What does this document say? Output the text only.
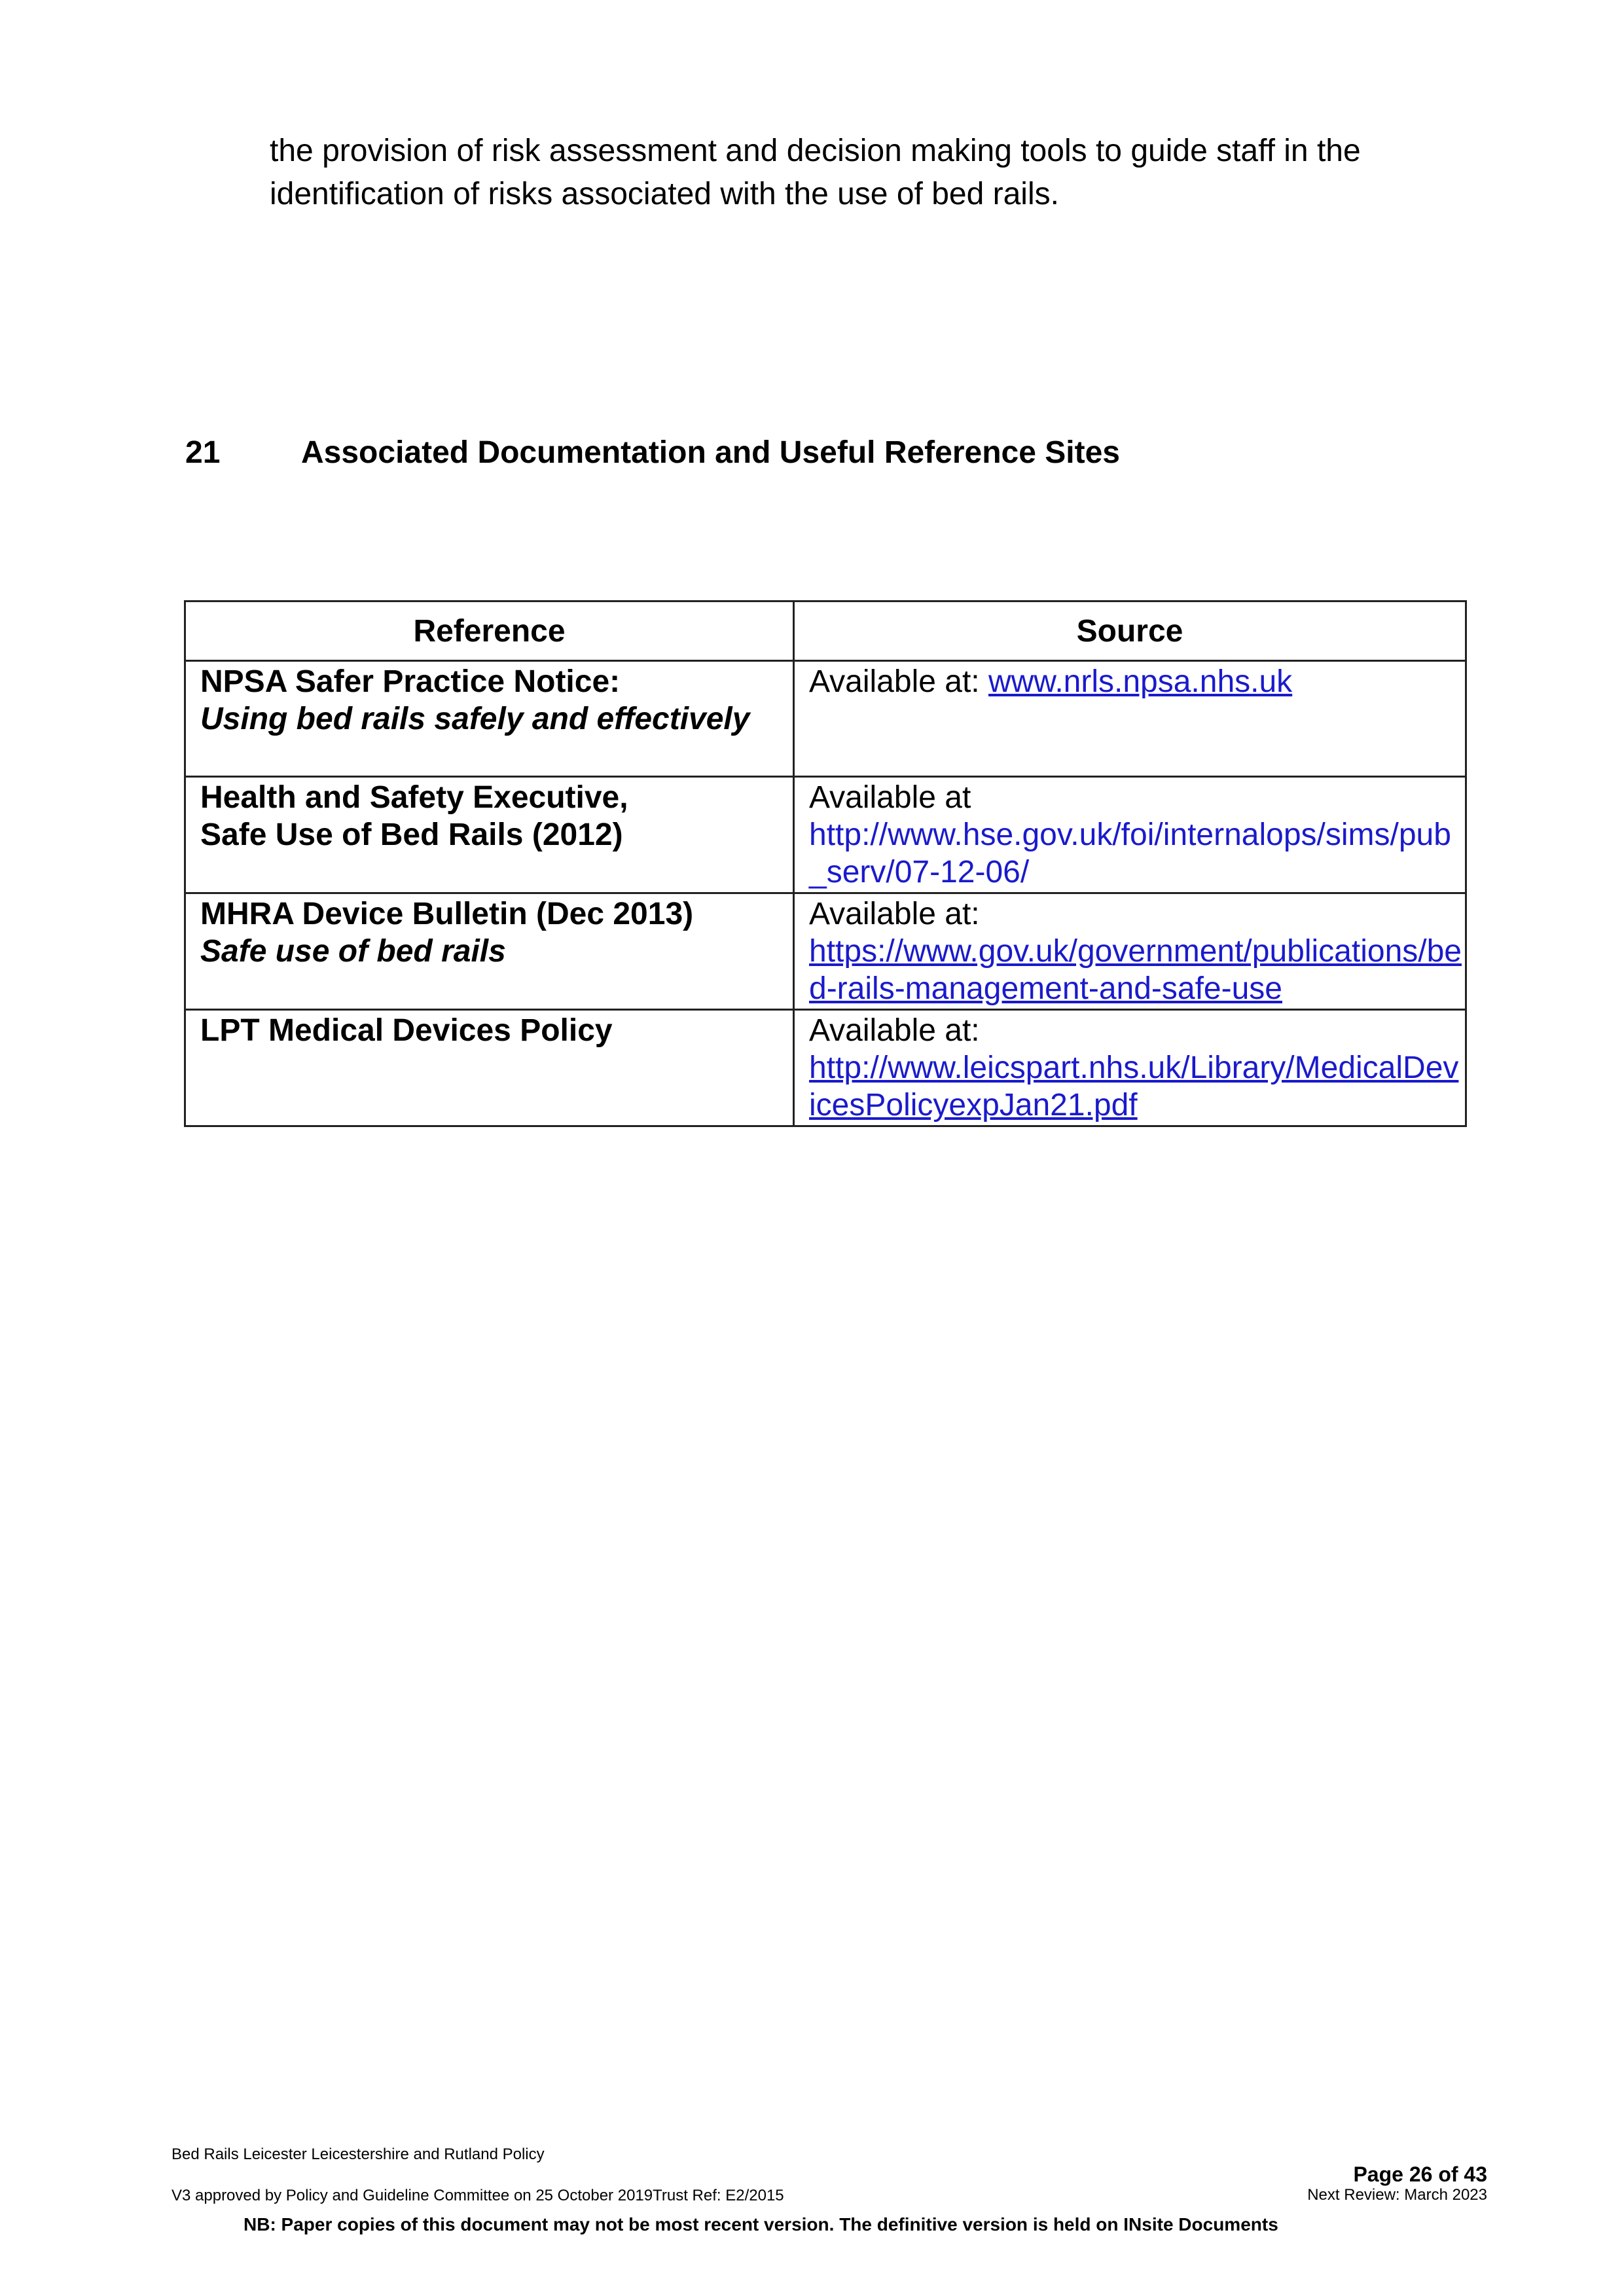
the provision of risk assessment and decision making tools to guide staff in the
identification of risks associated with the use of bed rails.

21	Associated Documentation and Useful Reference Sites
Reference	Source

NPSA Safer Practice Notice:
Using bed rails safely and effectively	Available at: www.nrls.npsa.nhs.uk

Health and Safety Executive,
Safe Use of Bed Rails (2012)	Available at
http://www.hse.gov.uk/foi/internalops/sims/pub_serv/07-12-06/

MHRA Device Bulletin (Dec 2013)
Safe use of bed rails	Available at:
https://www.gov.uk/government/publications/bed-rails-management-and-safe-use

LPT Medical Devices Policy	Available at:
http://www.leicspart.nhs.uk/Library/MedicalDevicesPolicyexpJan21.pdf
Bed Rails Leicester Leicestershire and Rutland Policy
Page 26 of 43
V3 approved by Policy and Guideline Committee on 25 October 2019Trust Ref: E2/2015	Next Review: March 2023
NB: Paper copies of this document may not be most recent version. The definitive version is held on INsite Documents
